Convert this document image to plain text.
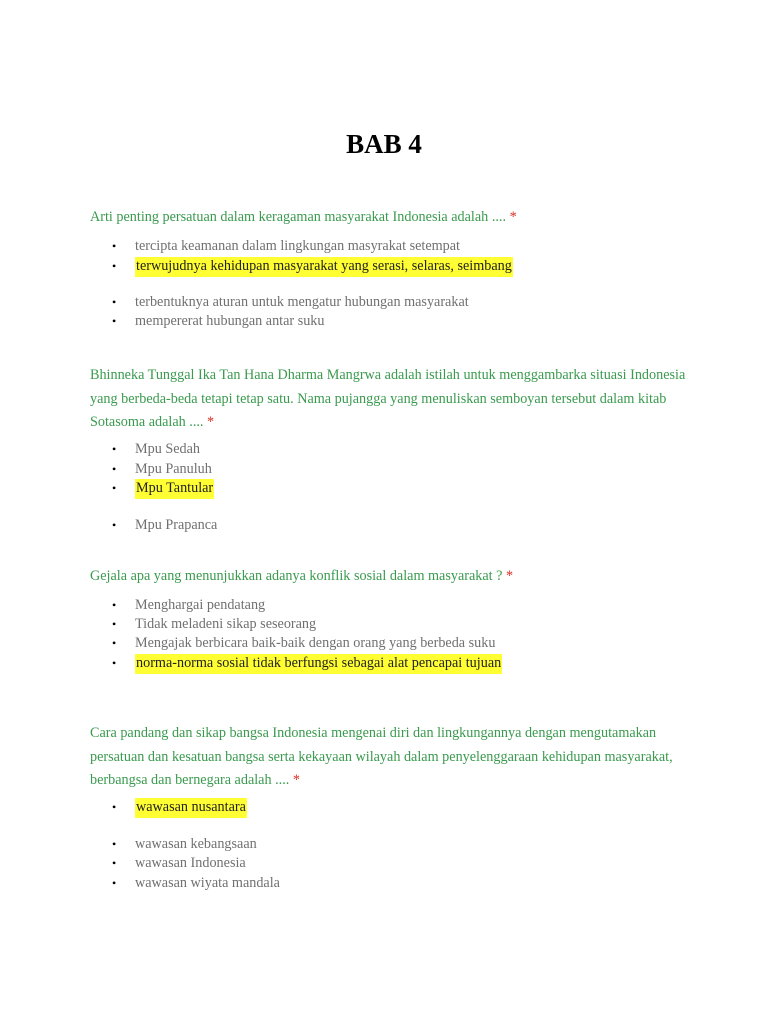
BAB 4
Arti penting persatuan dalam keragaman masyarakat Indonesia adalah .... *
• tercipta keamanan dalam lingkungan masyrakat setempat
• terwujudnya kehidupan masyarakat yang serasi, selaras, seimbang
• terbentuknya aturan untuk mengatur hubungan masyarakat
• mempererat hubungan antar suku
Bhinneka Tunggal Ika Tan Hana Dharma Mangrwa adalah istilah untuk menggambarka situasi Indonesia yang berbeda-beda tetapi tetap satu. Nama pujangga yang menuliskan semboyan tersebut dalam kitab Sotasoma adalah .... *
• Mpu Sedah
• Mpu Panuluh
• Mpu Tantular
• Mpu Prapanca
Gejala apa yang menunjukkan adanya konflik sosial dalam masyarakat ? *
• Menghargai pendatang
• Tidak meladeni sikap seseorang
• Mengajak berbicara baik-baik dengan orang yang berbeda suku
• norma-norma sosial tidak berfungsi sebagai alat pencapai tujuan
Cara pandang dan sikap bangsa Indonesia mengenai diri dan lingkungannya dengan mengutamakan persatuan dan kesatuan bangsa serta kekayaan wilayah dalam penyelenggaraan kehidupan masyarakat, berbangsa dan bernegara adalah .... *
• wawasan nusantara
• wawasan kebangsaan
• wawasan Indonesia
• wawasan wiyata mandala
